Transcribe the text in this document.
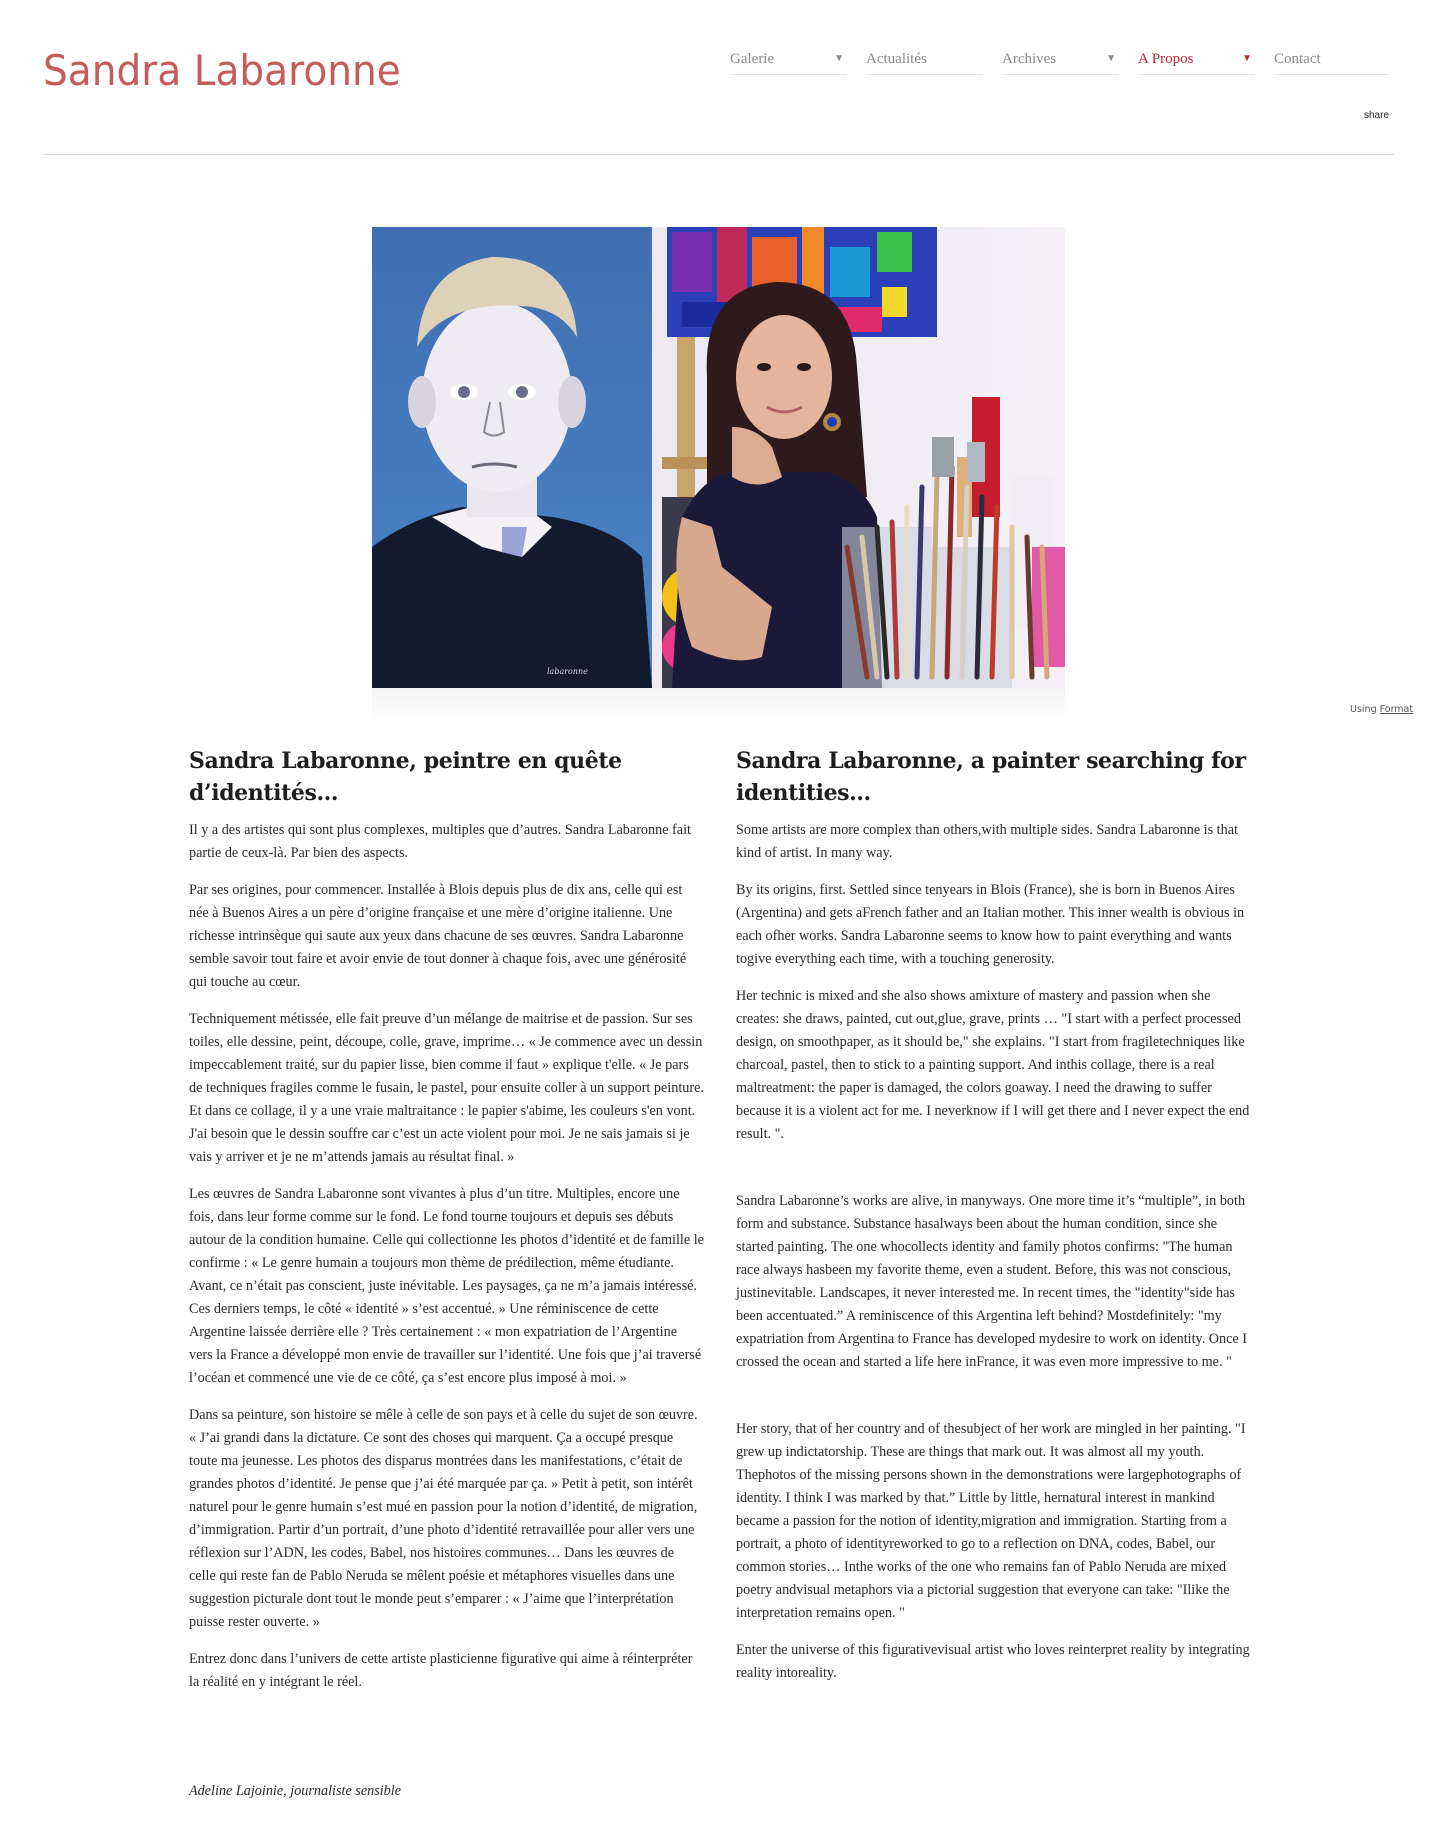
Sandra Labaronne	Galerie	▼ Actualités	Archives	▼ A Propos	▼ Contact
share
labaronne
Using Format
Sandra Labaronne, peintre en quête d’identités…

Il y a des artistes qui sont plus complexes, multiples que d’autres. Sandra Labaronne fait partie de ceux-là. Par bien des aspects.

Par ses origines, pour commencer. Installée à Blois depuis plus de dix ans, celle qui est née à Buenos Aires a un père d’origine française et une mère d’origine italienne. Une richesse intrinsèque qui saute aux yeux dans chacune de ses œuvres. Sandra Labaronne semble savoir tout faire et avoir envie de tout donner à chaque fois, avec une générosité qui touche au cœur.

Techniquement métissée, elle fait preuve d’un mélange de maitrise et de passion. Sur ses toiles, elle dessine, peint, découpe, colle, grave, imprime… « Je commence avec un dessin impeccablement traité, sur du papier lisse, bien comme il faut » explique t'elle. « Je pars de techniques fragiles comme le fusain, le pastel, pour ensuite coller à un support peinture. Et dans ce collage, il y a une vraie maltraitance : le papier s'abime, les couleurs s'en vont. J'ai besoin que le dessin souffre car c’est un acte violent pour moi. Je ne sais jamais si je vais y arriver et je ne m’attends jamais au résultat final. »

Les œuvres de Sandra Labaronne sont vivantes à plus d’un titre. Multiples, encore une fois, dans leur forme comme sur le fond. Le fond tourne toujours et depuis ses débuts autour de la condition humaine. Celle qui collectionne les photos d’identité et de famille le confirme : « Le genre humain a toujours mon thème de prédilection, même étudiante. Avant, ce n’était pas conscient, juste inévitable. Les paysages, ça ne m’a jamais intéressé. Ces derniers temps, le côté « identité » s’est accentué. » Une réminiscence de cette Argentine laissée derrière elle ? Très certainement : « mon expatriation de l’Argentine vers la France a développé mon envie de travailler sur l’identité. Une fois que j’ai traversé l’océan et commencé une vie de ce côté, ça s’est encore plus imposé à moi. »

Dans sa peinture, son histoire se mêle à celle de son pays et à celle du sujet de son œuvre. « J’ai grandi dans la dictature. Ce sont des choses qui marquent. Ça a occupé presque toute ma jeunesse. Les photos des disparus montrées dans les manifestations, c’était de grandes photos d’identité. Je pense que j’ai été marquée par ça. » Petit à petit, son intérêt naturel pour le genre humain s’est mué en passion pour la notion d’identité, de migration, d’immigration. Partir d’un portrait, d’une photo d’identité retravaillée pour aller vers une réflexion sur l’ADN, les codes, Babel, nos histoires communes… Dans les œuvres de celle qui reste fan de Pablo Neruda se mêlent poésie et métaphores visuelles dans une suggestion picturale dont tout le monde peut s’emparer : « J’aime que l’interprétation puisse rester ouverte. »

Entrez donc dans l’univers de cette artiste plasticienne figurative qui aime à réinterpréter la réalité en y intégrant le réel.

Sandra Labaronne, a painter searching for identities…

Some artists are more complex than others,with multiple sides. Sandra Labaronne is that kind of artist. In many way.

By its origins, first. Settled since tenyears in Blois (France), she is born in Buenos Aires (Argentina) and gets aFrench father and an Italian mother. This inner wealth is obvious in each ofher works. Sandra Labaronne seems to know how to paint everything and wants togive everything each time, with a touching generosity.

Her technic is mixed and she also shows amixture of mastery and passion when she creates: she draws, painted, cut out,glue, grave, prints … "I start with a perfect processed design, on smoothpaper, as it should be," she explains. "I start from fragiletechniques like charcoal, pastel, then to stick to a painting support. And inthis collage, there is a real maltreatment: the paper is damaged, the colors goaway. I need the drawing to suffer because it is a violent act for me. I neverknow if I will get there and I never expect the end result. ".

Sandra Labaronne’s works are alive, in manyways. One more time it’s “multiple”, in both form and substance. Substance hasalways been about the human condition, since she started painting. The one whocollects identity and family photos confirms: "The human race always hasbeen my favorite theme, even a student. Before, this was not conscious, justinevitable. Landscapes, it never interested me. In recent times, the "identity"side has been accentuated.” A reminiscence of this Argentina left behind? Mostdefinitely: "my expatriation from Argentina to France has developed mydesire to work on identity. Once I crossed the ocean and started a life here inFrance, it was even more impressive to me. "

Her story, that of her country and of thesubject of her work are mingled in her painting. "I grew up indictatorship. These are things that mark out. It was almost all my youth. Thephotos of the missing persons shown in the demonstrations were largephotographs of identity. I think I was marked by that.” Little by little, hernatural interest in mankind became a passion for the notion of identity,migration and immigration. Starting from a portrait, a photo of identityreworked to go to a reflection on DNA, codes, Babel, our common stories… Inthe works of the one who remains fan of Pablo Neruda are mixed poetry andvisual metaphors via a pictorial suggestion that everyone can take: "Ilike the interpretation remains open. "

Enter the universe of this figurativevisual artist who loves reinterpret reality by integrating reality intoreality.

Adeline Lajoinie, journaliste sensible
